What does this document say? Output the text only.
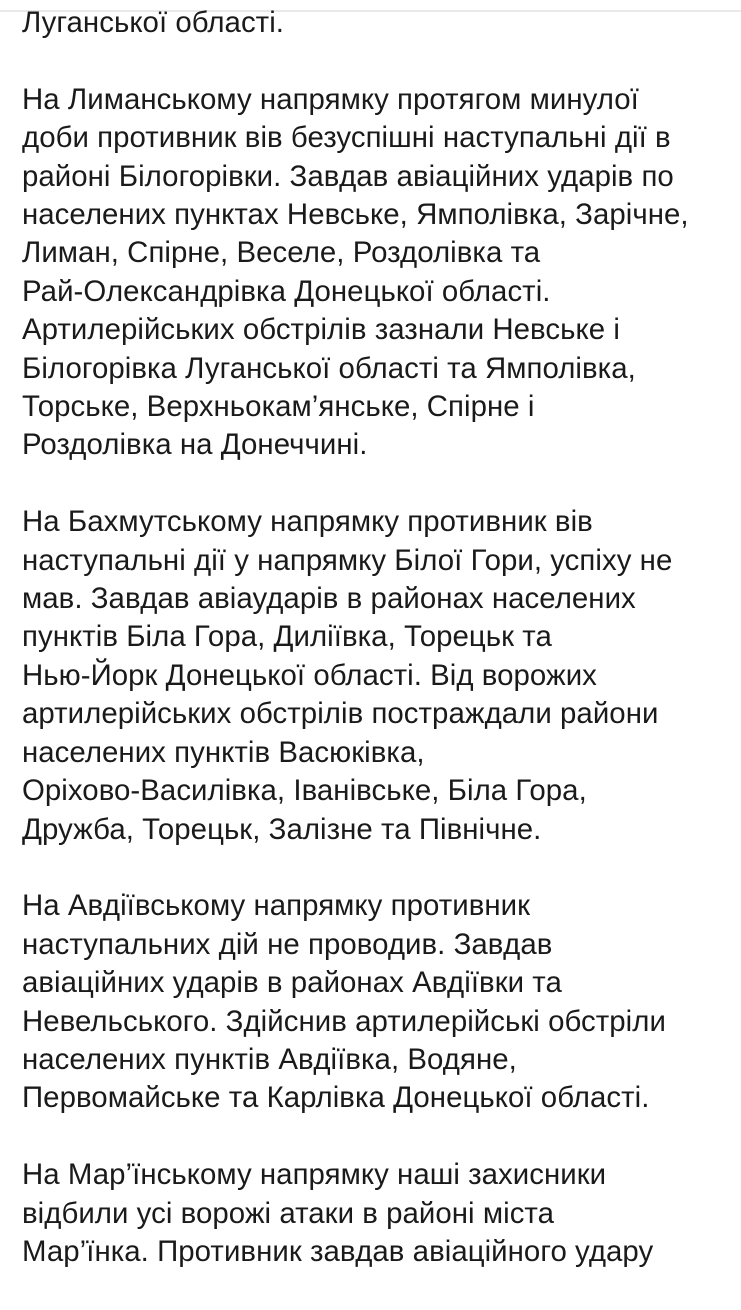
Луганської області.

На Лиманському напрямку протягом минулої
доби противник вів безуспішні наступальні дії в
районі Білогорівки. Завдав авіаційних ударів по
населених пунктах Невське, Ямполівка, Зарічне,
Лиман, Спірне, Веселе, Роздолівка та
Рай-Олександрівка Донецької області.
Артилерійських обстрілів зазнали Невське і
Білогорівка Луганської області та Ямполівка,
Торське, Верхньокам’янське, Спірне і
Роздолівка на Донеччині.

На Бахмутському напрямку противник вів
наступальні дії у напрямку Білої Гори, успіху не
мав. Завдав авіаударів в районах населених
пунктів Біла Гора, Диліївка, Торецьк та
Нью-Йорк Донецької області. Від ворожих
артилерійських обстрілів постраждали райони
населених пунктів Васюківка,
Оріхово-Василівка, Іванівське, Біла Гора,
Дружба, Торецьк, Залізне та Північне.

На Авдіївському напрямку противник
наступальних дій не проводив. Завдав
авіаційних ударів в районах Авдіївки та
Невельського. Здійснив артилерійські обстріли
населених пунктів Авдіївка, Водяне,
Первомайське та Карлівка Донецької області.

На Мар’їнському напрямку наші захисники
відбили усі ворожі атаки в районі міста
Мар’їнка. Противник завдав авіаційного удару
